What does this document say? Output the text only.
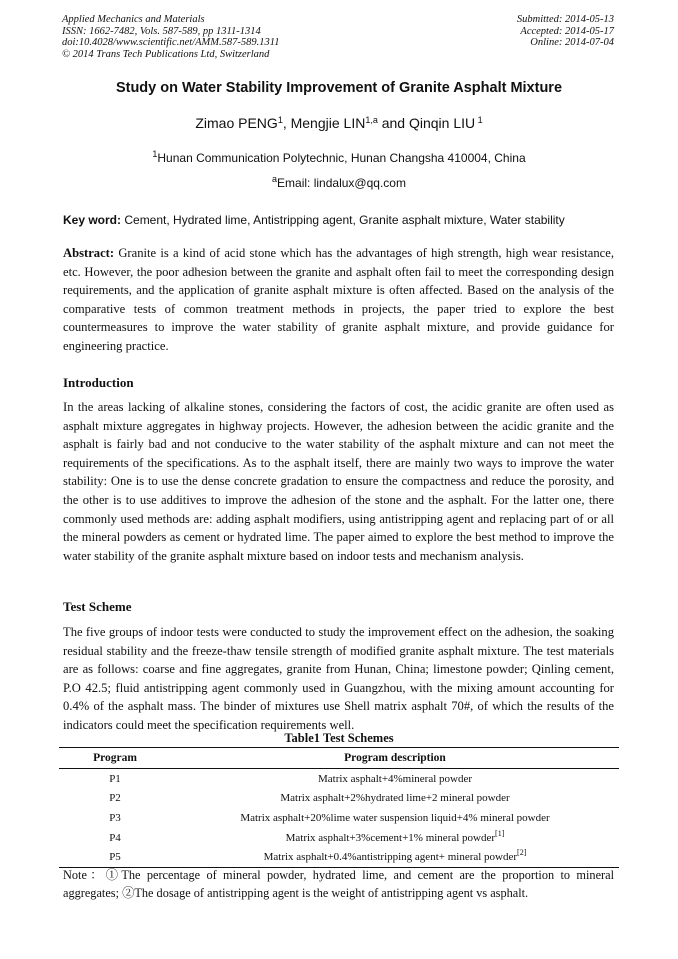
Applied Mechanics and Materials
ISSN: 1662-7482, Vols. 587-589, pp 1311-1314
doi:10.4028/www.scientific.net/AMM.587-589.1311
© 2014 Trans Tech Publications Ltd, Switzerland
Submitted: 2014-05-13
Accepted: 2014-05-17
Online: 2014-07-04
Study on Water Stability Improvement of Granite Asphalt Mixture
Zimao PENG$^1$, Mengjie LIN$^{1,a}$ and Qinqin LIU $^1$
$^1$Hunan Communication Polytechnic, Hunan Changsha 410004, China
$^a$Email: lindalux@qq.com
Key word: Cement, Hydrated lime, Antistripping agent, Granite asphalt mixture, Water stability
Abstract: Granite is a kind of acid stone which has the advantages of high strength, high wear resistance, etc. However, the poor adhesion between the granite and asphalt often fail to meet the corresponding design requirements, and the application of granite asphalt mixture is often affected. Based on the analysis of the comparative tests of common treatment methods in projects, the paper tried to explore the best countermeasures to improve the water stability of granite asphalt mixture, and provide guidance for engineering practice.
Introduction
In the areas lacking of alkaline stones, considering the factors of cost, the acidic granite are often used as asphalt mixture aggregates in highway projects. However, the adhesion between the acidic granite and the asphalt is fairly bad and not conducive to the water stability of the asphalt mixture and can not meet the requirements of the specifications. As to the asphalt itself, there are mainly two ways to improve the water stability: One is to use the dense concrete gradation to ensure the compactness and reduce the porosity, and the other is to use additives to improve the adhesion of the stone and the asphalt. For the latter one, there commonly used methods are: adding asphalt modifiers, using antistripping agent and replacing part of or all the mineral powders as cement or hydrated lime. The paper aimed to explore the best method to improve the water stability of the granite asphalt mixture based on indoor tests and mechanism analysis.
Test Scheme
The five groups of indoor tests were conducted to study the improvement effect on the adhesion, the soaking residual stability and the freeze-thaw tensile strength of modified granite asphalt mixture. The test materials are as follows: coarse and fine aggregates, granite from Hunan, China; limestone powder; Qinling cement, P.O 42.5; fluid antistripping agent commonly used in Guangzhou, with the mixing amount accounting for 0.4% of the asphalt mass. The binder of mixtures use Shell matrix asphalt 70#, of which the results of the indicators could meet the specification requirements well.
Table1 Test Schemes
Program	Program description
P1	Matrix asphalt+4%mineral powder
P2	Matrix asphalt+2%hydrated lime+2 mineral powder
P3	Matrix asphalt+20%lime water suspension liquid+4% mineral powder
P4	Matrix asphalt+3%cement+1% mineral powder[1]
P5	Matrix asphalt+0.4%antistripping agent+ mineral powder[2]
Note：①The percentage of mineral powder, hydrated lime, and cement are the proportion to mineral aggregates; ②The dosage of antistripping agent is the weight of antistripping agent vs asphalt.
